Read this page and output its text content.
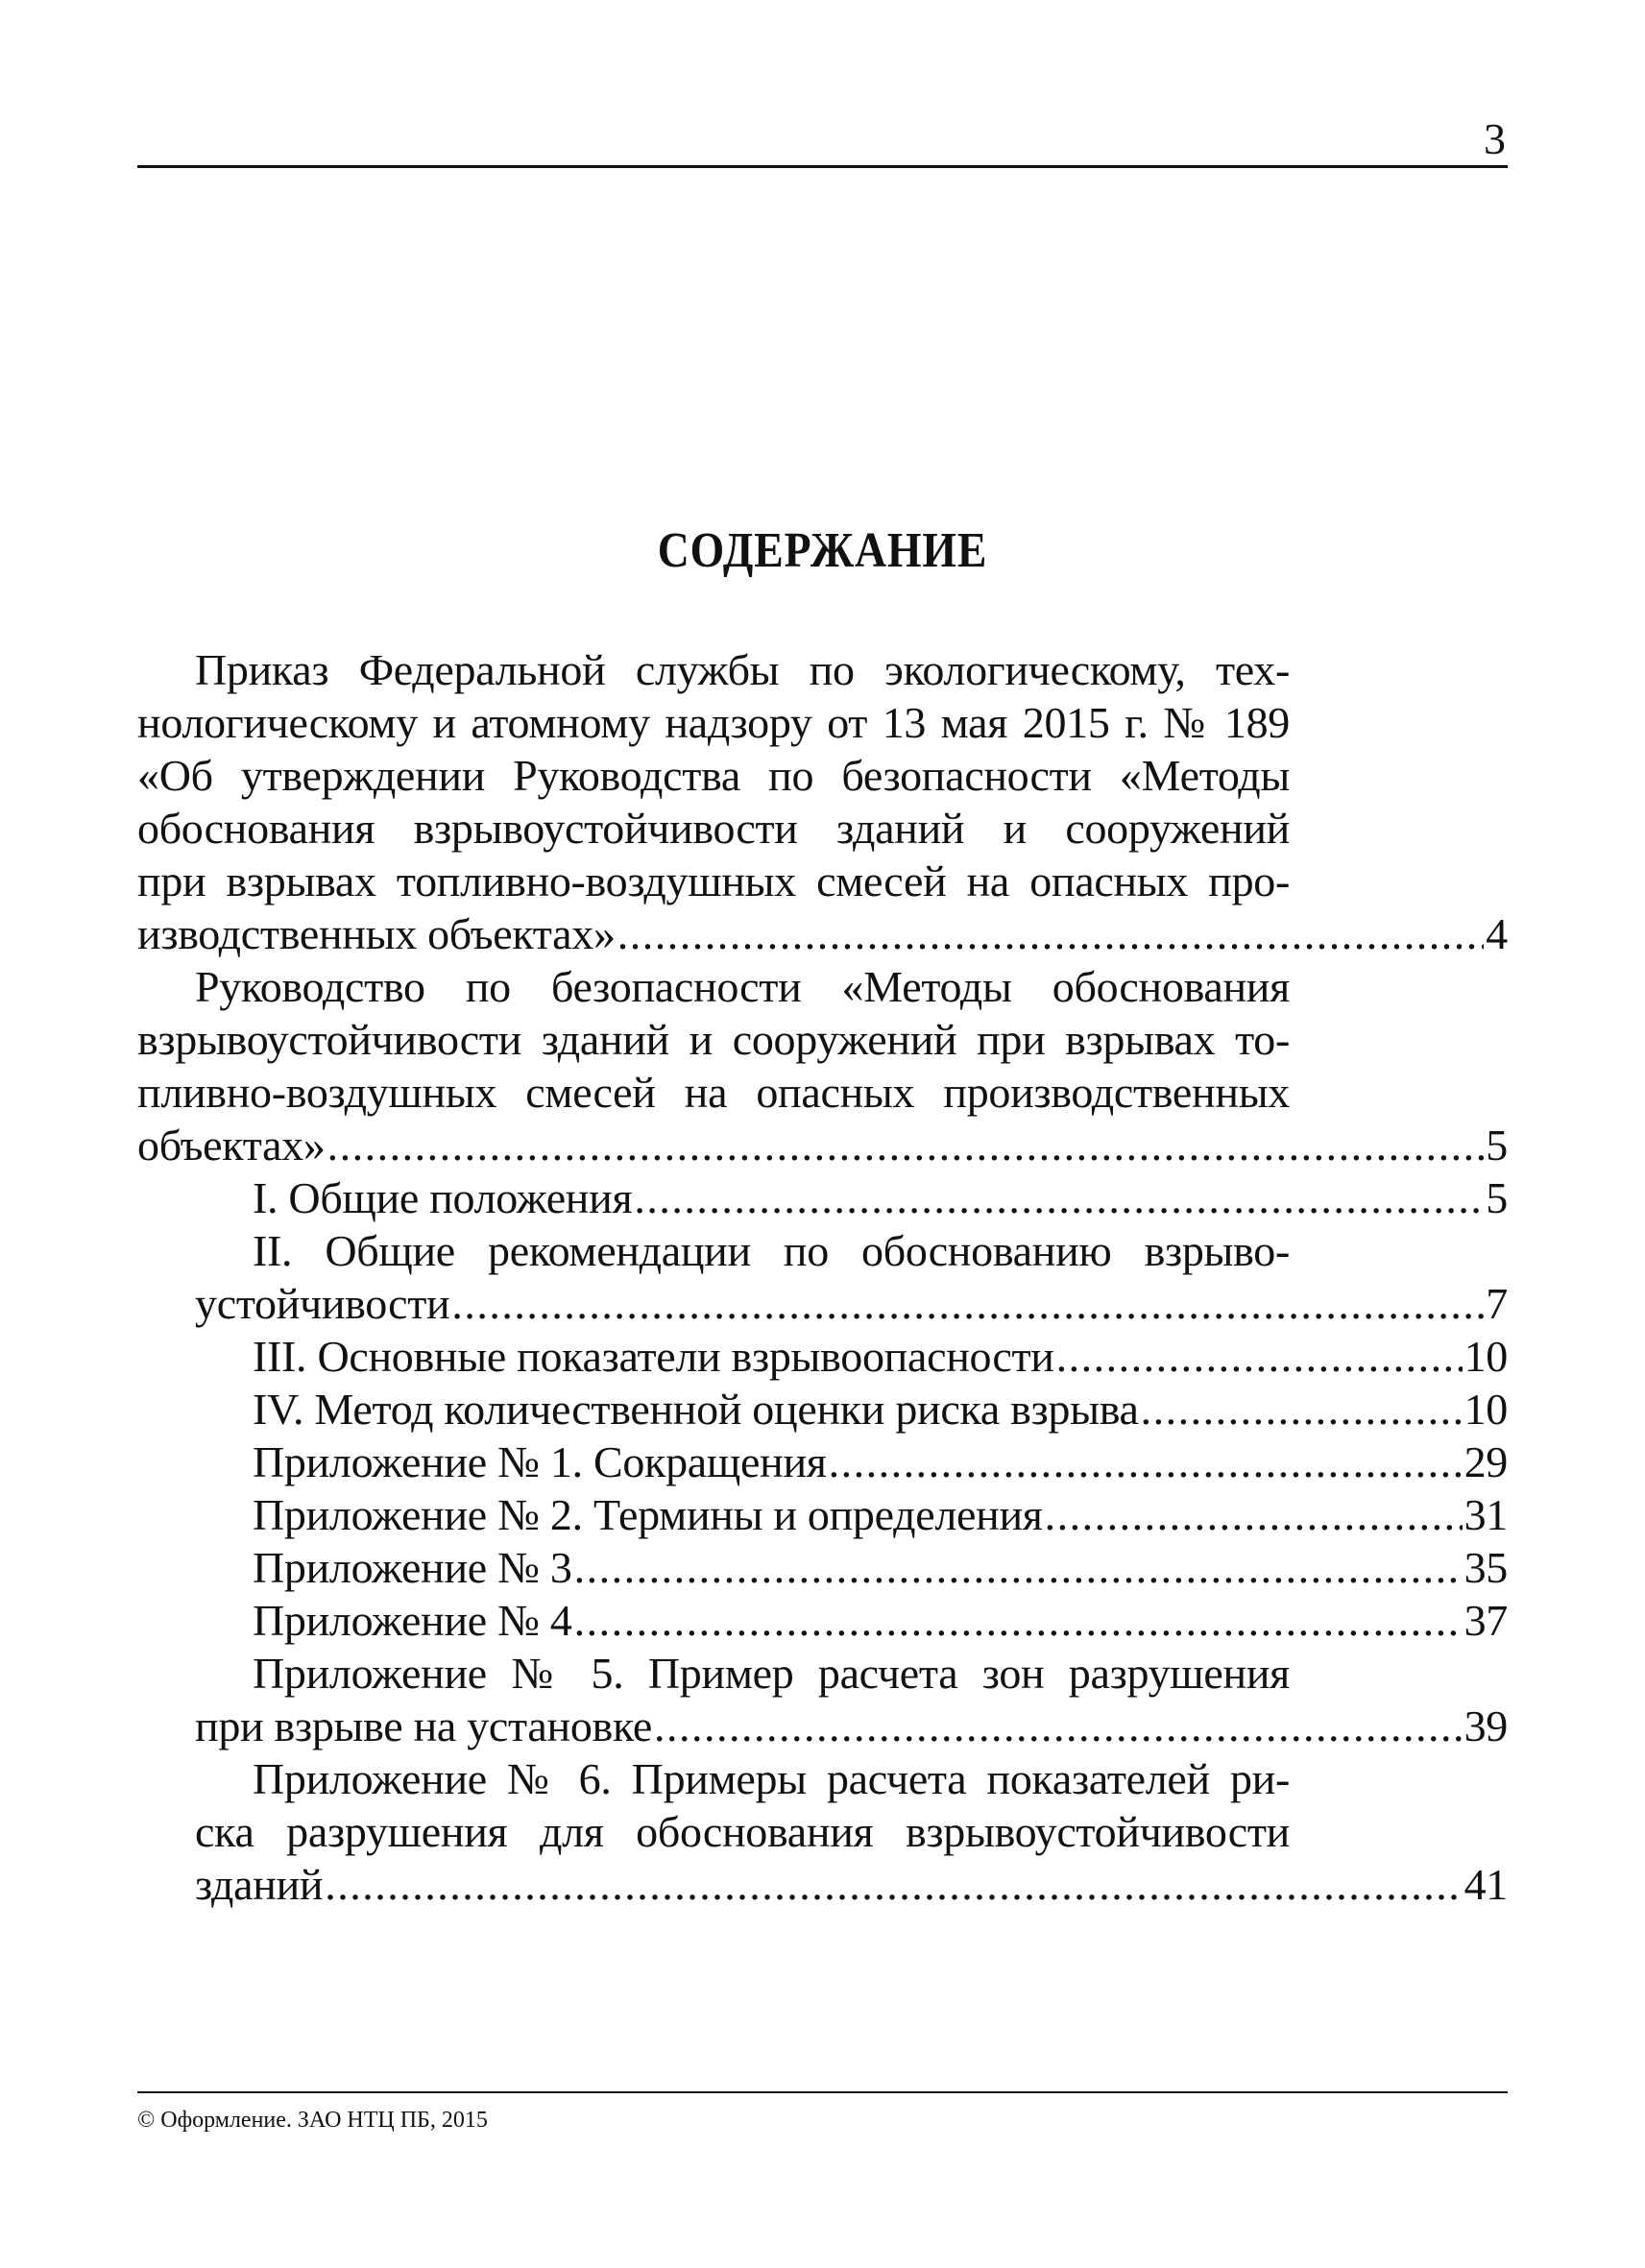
3
СОДЕРЖАНИЕ
Приказ Федеральной службы по экологическому, тех-
нологическому и атомному надзору от 13 мая 2015 г. № 189
«Об утверждении Руководства по безопасности «Методы
обоснования взрывоустойчивости зданий и сооружений
при взрывах топливно-воздушных смесей на опасных про-
изводственных объектах» .....	4
Руководство по безопасности «Методы обоснования
взрывоустойчивости зданий и сооружений при взрывах то-
пливно-воздушных смесей на опасных производственных
объектах» .....	5
I. Общие положения .....	5
II. Общие рекомендации по обоснованию взрыво-
устойчивости .....	7
III. Основные показатели взрывоопасности .....	10
IV. Метод количественной оценки риска взрыва .....	10
Приложение № 1. Сокращения .....	29
Приложение № 2. Термины и определения .....	31
Приложение № 3 .....	35
Приложение № 4 .....	37
Приложение № 5. Пример расчета зон разрушения
при взрыве на установке .....	39
Приложение № 6. Примеры расчета показателей ри-
ска разрушения для обоснования взрывоустойчивости
зданий .....	41
© Оформление. ЗАО НТЦ ПБ, 2015
